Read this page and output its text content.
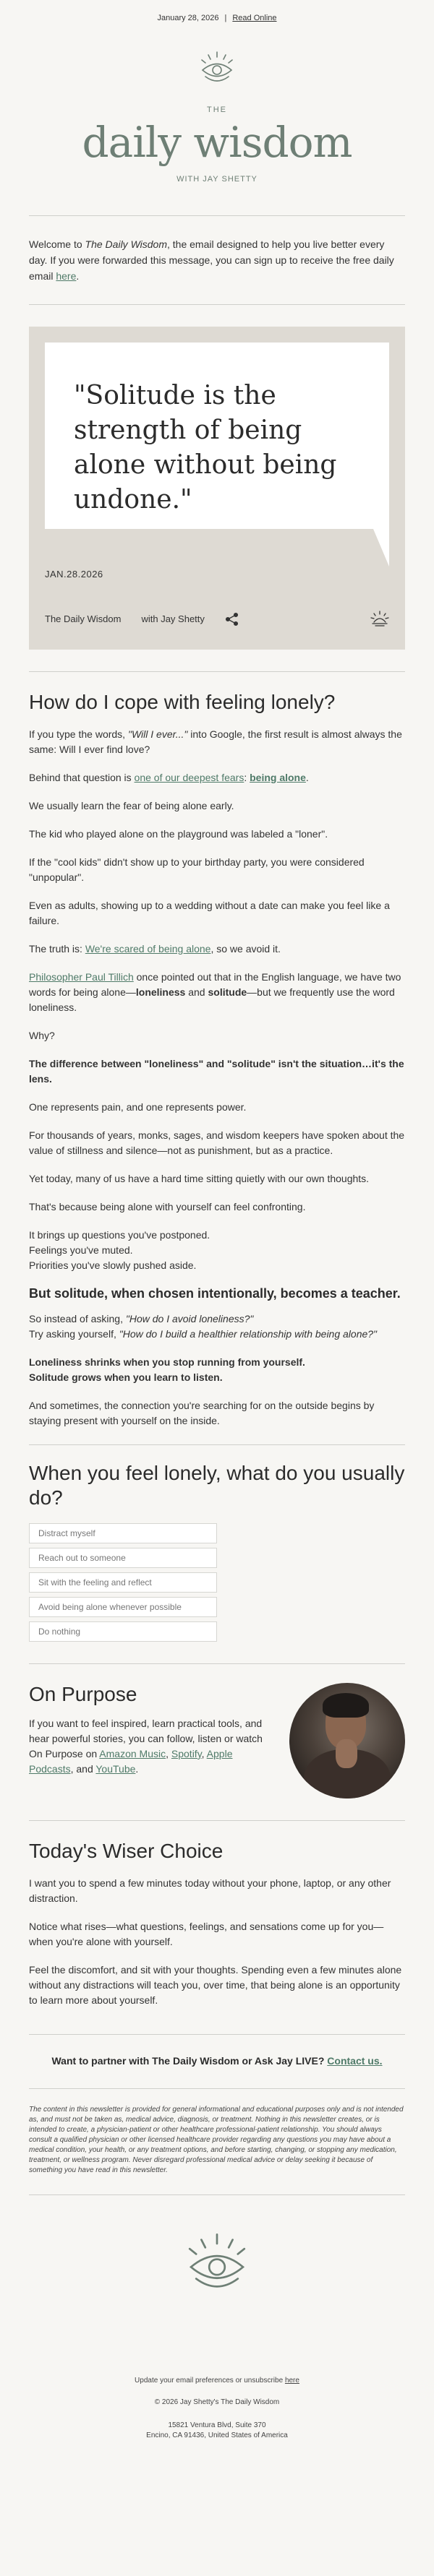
January 28, 2026 | Read Online
THE
daily wisdom
WITH JAY SHETTY
Welcome to The Daily Wisdom, the email designed to help you live better every day. If you were forwarded this message, you can sign up to receive the free daily email here.
"Solitude is the strength of being alone without being undone."
JAN.28.2026
The Daily Wisdom with Jay Shetty
How do I cope with feeling lonely?

If you type the words, "Will I ever..." into Google, the first result is almost always the same: Will I ever find love?

Behind that question is one of our deepest fears: being alone.

We usually learn the fear of being alone early.

The kid who played alone on the playground was labeled a "loner".

If the "cool kids" didn't show up to your birthday party, you were considered "unpopular".

Even as adults, showing up to a wedding without a date can make you feel like a failure.

The truth is: We're scared of being alone, so we avoid it.

Philosopher Paul Tillich once pointed out that in the English language, we have two words for being alone—loneliness and solitude—but we frequently use the word loneliness.

Why?

The difference between "loneliness" and "solitude" isn't the situation…it's the lens.

One represents pain, and one represents power.

For thousands of years, monks, sages, and wisdom keepers have spoken about the value of stillness and silence—not as punishment, but as a practice.

Yet today, many of us have a hard time sitting quietly with our own thoughts.

That's because being alone with yourself can feel confronting.

It brings up questions you've postponed.
Feelings you've muted.
Priorities you've slowly pushed aside.

But solitude, when chosen intentionally, becomes a teacher.

So instead of asking, "How do I avoid loneliness?"
Try asking yourself, "How do I build a healthier relationship with being alone?"

Loneliness shrinks when you stop running from yourself.
Solitude grows when you learn to listen.

And sometimes, the connection you're searching for on the outside begins by staying present with yourself on the inside.

When you feel lonely, what do you usually do?
Distract myself
Reach out to someone
Sit with the feeling and reflect
Avoid being alone whenever possible
Do nothing
On Purpose

If you want to feel inspired, learn practical tools, and hear powerful stories, you can follow, listen or watch On Purpose on Amazon Music, Spotify, Apple Podcasts, and YouTube.

Today's Wiser Choice

I want you to spend a few minutes today without your phone, laptop, or any other distraction.

Notice what rises—what questions, feelings, and sensations come up for you—when you're alone with yourself.

Feel the discomfort, and sit with your thoughts. Spending even a few minutes alone without any distractions will teach you, over time, that being alone is an opportunity to learn more about yourself.

Want to partner with The Daily Wisdom or Ask Jay LIVE? Contact us.
The content in this newsletter is provided for general informational and educational purposes only and is not intended as, and must not be taken as, medical advice, diagnosis, or treatment. Nothing in this newsletter creates, or is intended to create, a physician-patient or other healthcare professional-patient relationship. You should always consult a qualified physician or other licensed healthcare provider regarding any questions you may have about a medical condition, your health, or any treatment options, and before starting, changing, or stopping any medication, treatment, or wellness program. Never disregard professional medical advice or delay seeking it because of something you have read in this newsletter.
Update your email preferences or unsubscribe here
© 2026 Jay Shetty's The Daily Wisdom
15821 Ventura Blvd, Suite 370
Encino, CA 91436, United States of America
